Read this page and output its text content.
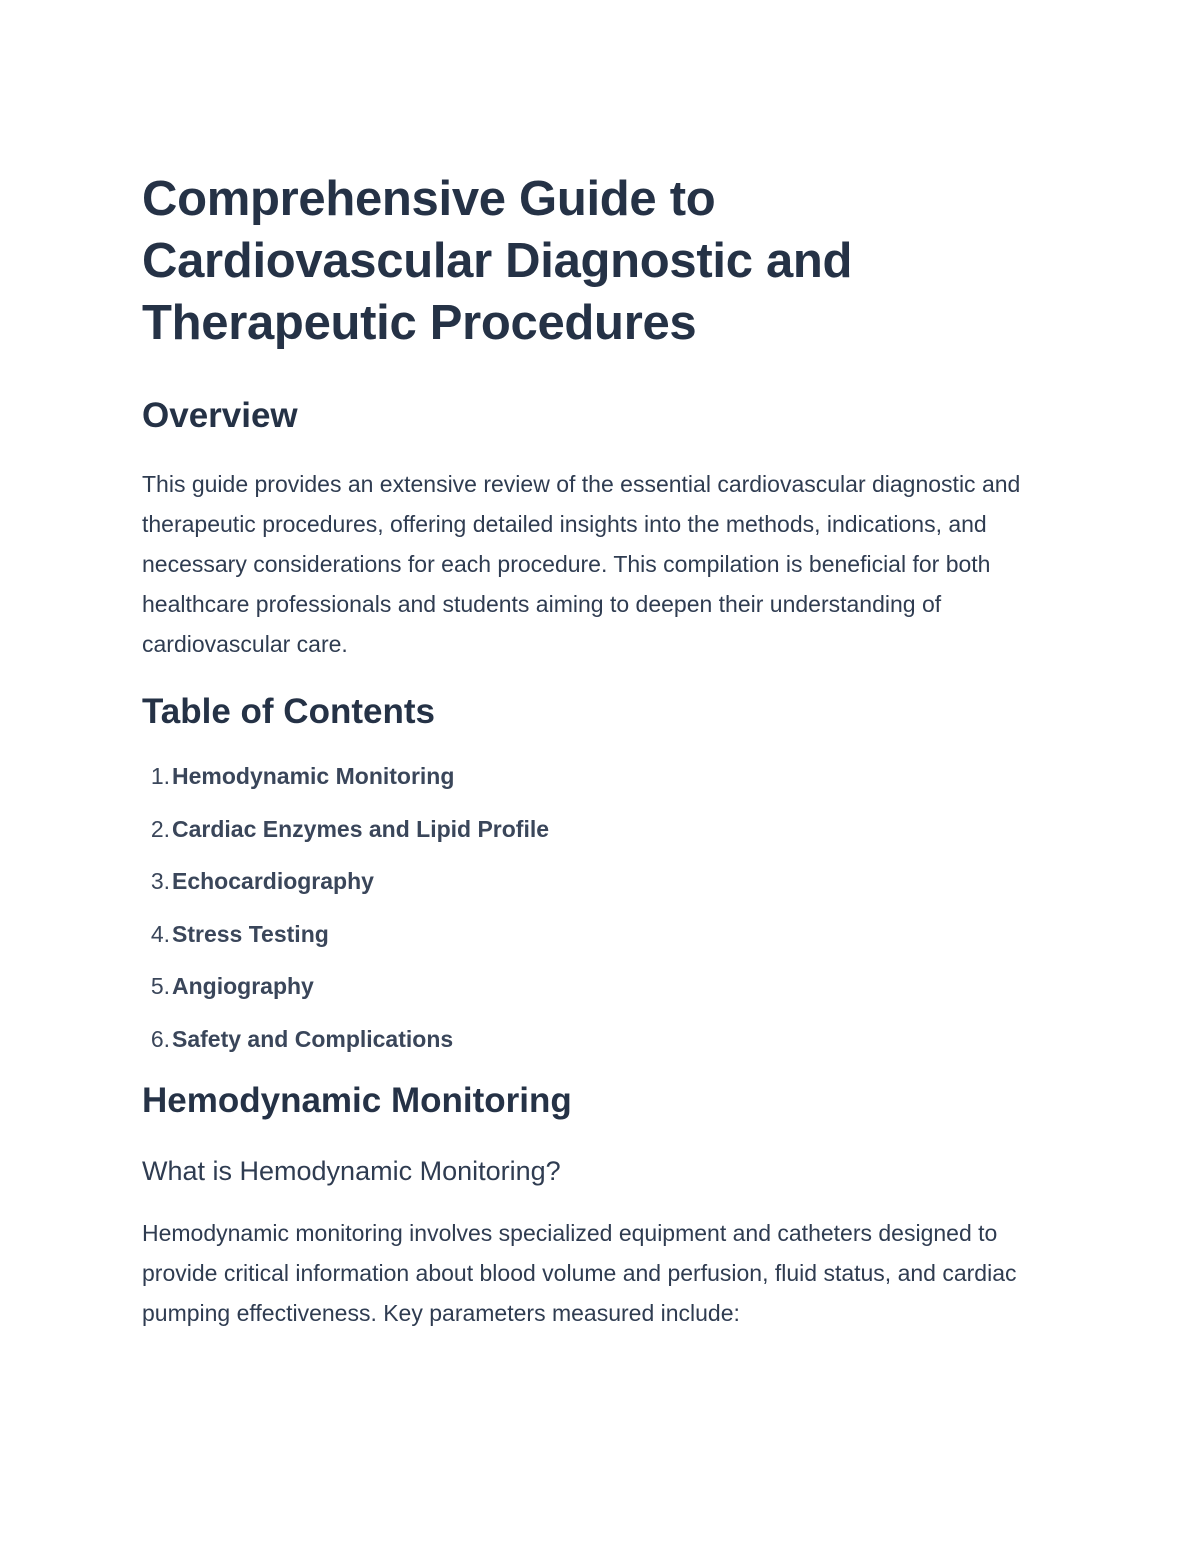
Comprehensive Guide to
Cardiovascular Diagnostic and
Therapeutic Procedures
Overview

This guide provides an extensive review of the essential cardiovascular diagnostic and therapeutic procedures, offering detailed insights into the methods, indications, and necessary considerations for each procedure. This compilation is beneficial for both healthcare professionals and students aiming to deepen their understanding of cardiovascular care.

Table of Contents
1. Hemodynamic Monitoring
2. Cardiac Enzymes and Lipid Profile
3. Echocardiography
4. Stress Testing
5. Angiography
6. Safety and Complications
Hemodynamic Monitoring
What is Hemodynamic Monitoring?

Hemodynamic monitoring involves specialized equipment and catheters designed to provide critical information about blood volume and perfusion, fluid status, and cardiac pumping effectiveness. Key parameters measured include:
